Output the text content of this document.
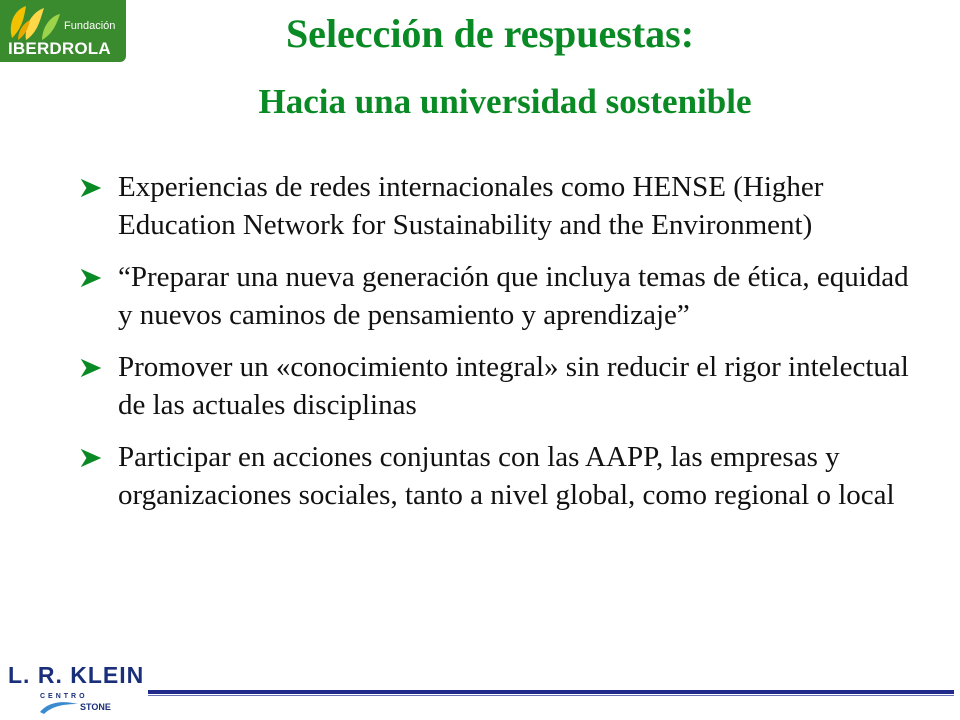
Fundación
IBERDROLA	Selección de respuestas:
Hacia una universidad sostenible
Experiencias de redes internacionales como HENSE (Higher Education Network for Sustainability and the Environment)
“Preparar una nueva generación que incluya temas de ética, equidad y nuevos caminos de pensamiento y aprendizaje”
Promover un «conocimiento integral» sin reducir el rigor intelectual de las actuales disciplinas
Participar en acciones conjuntas con las AAPP, las empresas y organizaciones sociales, tanto a nivel global, como regional o local
L. R. KLEIN
CENTRO
STONE
